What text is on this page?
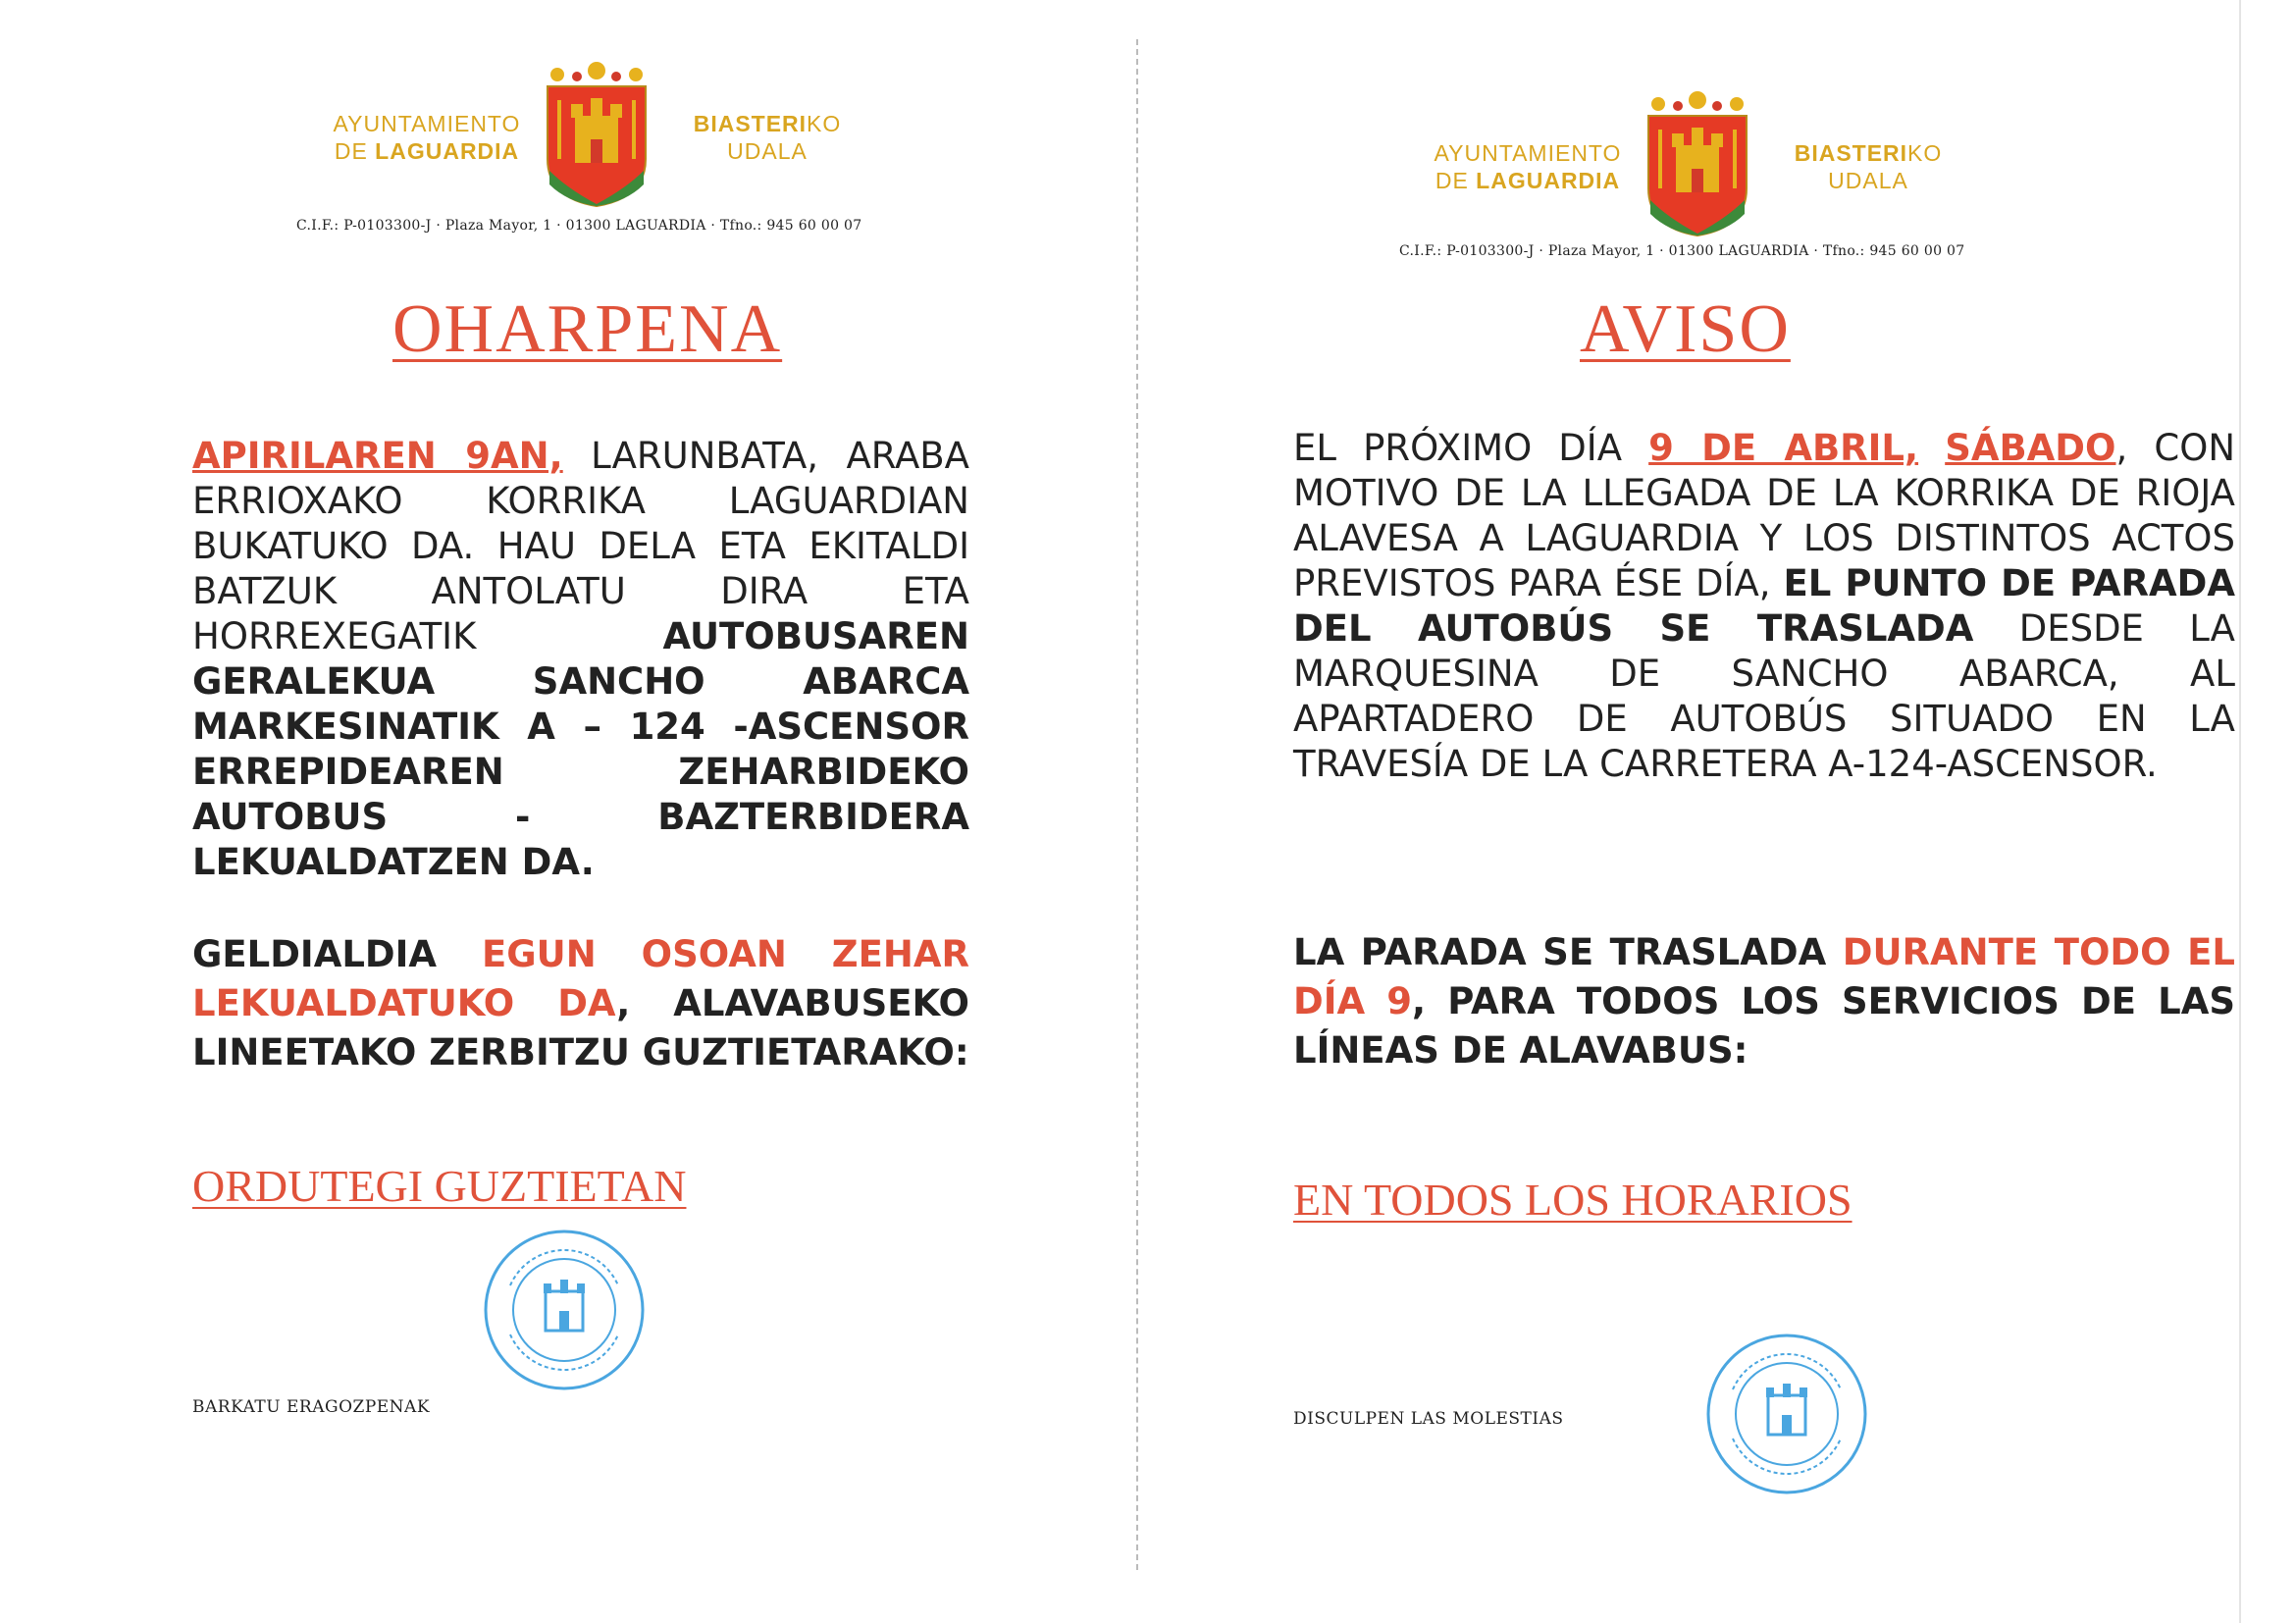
AYUNTAMIENTO
DE LAGUARDIA
BIASTERIKO
UDALA
C.I.F.: P-0103300-J · Plaza Mayor, 1 · 01300 LAGUARDIA · Tfno.: 945 60 00 07
OHARPENA
APIRILAREN 9AN, LARUNBATA, ARABA ERRIOXAKO KORRIKA LAGUARDIAN BUKATUKO DA. HAU DELA ETA EKITALDI BATZUK ANTOLATU DIRA ETA HORREXEGATIK AUTOBUSAREN GERALEKUA SANCHO ABARCA MARKESINATIK A – 124 -ASCENSOR ERREPIDEAREN ZEHARBIDEKO AUTOBUS - BAZTERBIDERA LEKUALDATZEN DA.
GELDIALDIA EGUN OSOAN ZEHAR LEKUALDATUKO DA, ALAVABUSEKO LINEETAKO ZERBITZU GUZTIETARAKO:
ORDUTEGI GUZTIETAN
BARKATU ERAGOZPENAK
AYUNTAMIENTO
DE LAGUARDIA
BIASTERIKO
UDALA
C.I.F.: P-0103300-J · Plaza Mayor, 1 · 01300 LAGUARDIA · Tfno.: 945 60 00 07
AVISO
EL PRÓXIMO DÍA 9 DE ABRIL, SÁBADO, CON MOTIVO DE LA LLEGADA DE LA KORRIKA DE RIOJA ALAVESA A LAGUARDIA Y LOS DISTINTOS ACTOS PREVISTOS PARA ÉSE DÍA, EL PUNTO DE PARADA DEL AUTOBÚS SE TRASLADA DESDE LA MARQUESINA DE SANCHO ABARCA, AL APARTADERO DE AUTOBÚS SITUADO EN LA TRAVESÍA DE LA CARRETERA A-124-ASCENSOR.
LA PARADA SE TRASLADA DURANTE TODO EL DÍA 9, PARA TODOS LOS SERVICIOS DE LAS LÍNEAS DE ALAVABUS:
EN TODOS LOS HORARIOS
DISCULPEN LAS MOLESTIAS
